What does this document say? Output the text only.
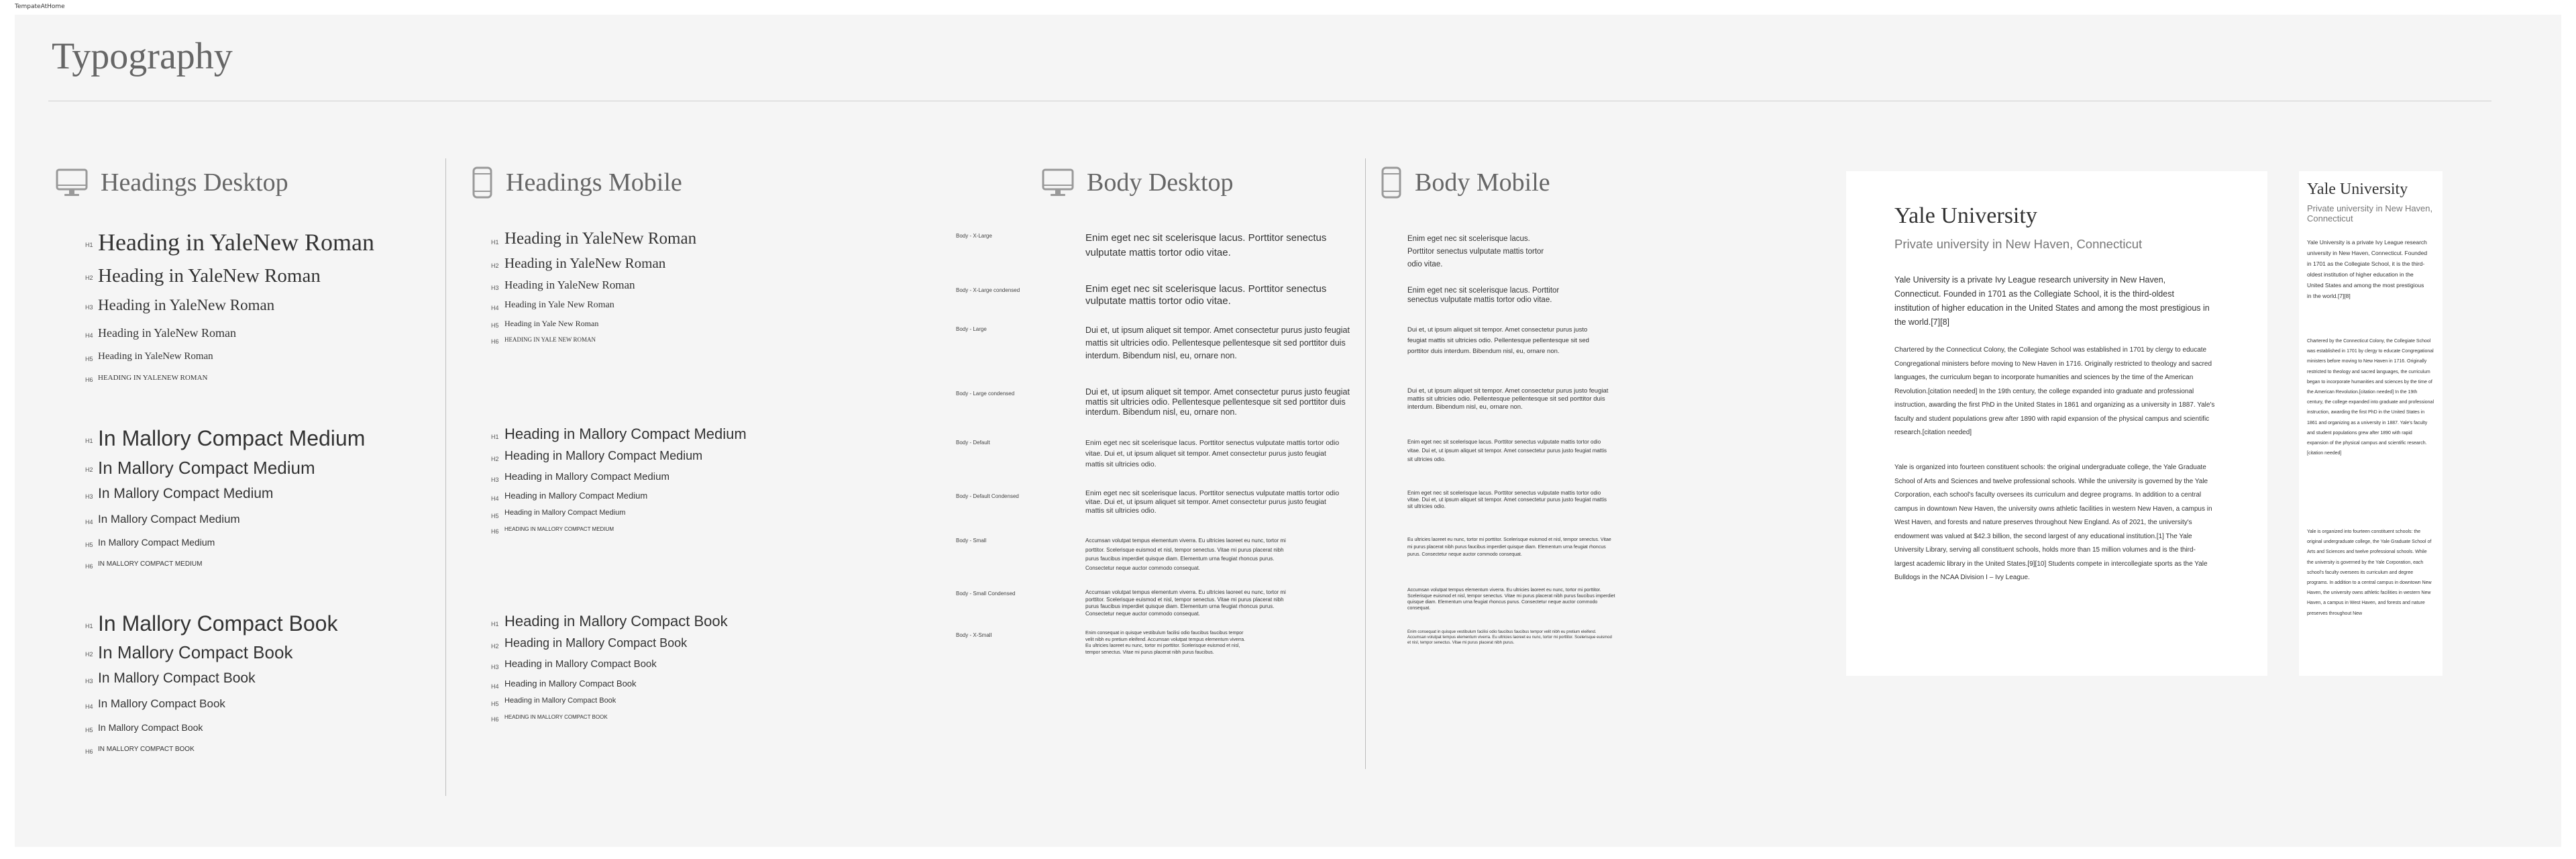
TempateAtHome
Typography
Headings Desktop
H1 Heading in YaleNew Roman
H2 Heading in YaleNew Roman
H3 Heading in YaleNew Roman
H4 Heading in YaleNew Roman
H5 Heading in YaleNew Roman
H6 HEADING IN YALENEW ROMAN
H1 In Mallory Compact Medium
H2 In Mallory Compact Medium
H3 In Mallory Compact Medium
H4 In Mallory Compact Medium
H5 In Mallory Compact Medium
H6 IN MALLORY COMPACT MEDIUM
H1 In Mallory Compact Book
H2 In Mallory Compact Book
H3 In Mallory Compact Book
H4 In Mallory Compact Book
H5 In Mallory Compact Book
H6 IN MALLORY COMPACT BOOK
Headings Mobile
H1 Heading in YaleNew Roman
H2 Heading in YaleNew Roman
H3 Heading in YaleNew Roman
H4 Heading in Yale New Roman
H5 Heading in Yale New Roman
H6 HEADING IN YALE NEW ROMAN
H1 Heading in Mallory Compact Medium
H2 Heading in Mallory Compact Medium
H3 Heading in Mallory Compact Medium
H4 Heading in Mallory Compact Medium
H5 Heading in Mallory Compact Medium
H6 HEADING IN MALLORY COMPACT MEDIUM
H1 Heading in Mallory Compact Book
H2 Heading in Mallory Compact Book
H3 Heading in Mallory Compact Book
H4 Heading in Mallory Compact Book
H5 Heading in Mallory Compact Book
H6 HEADING IN MALLORY COMPACT BOOK
Body Desktop
Body - X-Large	Enim eget nec sit scelerisque lacus. Porttitor senectus vulputate mattis tortor odio vitae.
Body - X-Large condensed	Enim eget nec sit scelerisque lacus. Porttitor senectus vulputate mattis tortor odio vitae.
Body - Large	Dui et, ut ipsum aliquet sit tempor. Amet consectetur purus justo feugiat mattis sit ultricies odio. Pellentesque pellentesque sit sed porttitor duis interdum. Bibendum nisl, eu, ornare non.
Body - Large condensed	Dui et, ut ipsum aliquet sit tempor. Amet consectetur purus justo feugiat mattis sit ultricies odio. Pellentesque pellentesque sit sed porttitor duis interdum. Bibendum nisl, eu, ornare non.
Body - Default	Enim eget nec sit scelerisque lacus. Porttitor senectus vulputate mattis tortor odio vitae. Dui et, ut ipsum aliquet sit tempor. Amet consectetur purus justo feugiat mattis sit ultricies odio.
Body - Default Condensed	Enim eget nec sit scelerisque lacus. Porttitor senectus vulputate mattis tortor odio vitae. Dui et, ut ipsum aliquet sit tempor. Amet consectetur purus justo feugiat mattis sit ultricies odio.
Body - Small	Accumsan volutpat tempus elementum viverra. Eu ultricies laoreet eu nunc, tortor mi porttitor. Scelerisque euismod et nisl, tempor senectus. Vitae mi purus placerat nibh purus faucibus imperdiet quisque diam. Elementum urna feugiat rhoncus purus. Consectetur neque auctor commodo consequat.
Body - Small Condensed	Accumsan volutpat tempus elementum viverra. Eu ultricies laoreet eu nunc, tortor mi porttitor. Scelerisque euismod et nisl, tempor senectus. Vitae mi purus placerat nibh purus faucibus imperdiet quisque diam. Elementum urna feugiat rhoncus purus. Consectetur neque auctor commodo consequat.
Body - X-Small	Enim consequat in quisque vestibulum facilisi odio faucibus faucibus tempor velit nibh eu pretium eleifend. Accumsan volutpat tempus elementum viverra. Eu ultricies laoreet eu nunc, tortor mi porttitor. Scelerisque euismod et nisl, tempor senectus. Vitae mi purus placerat nibh purus faucibus.
Body Mobile
Enim eget nec sit scelerisque lacus. Porttitor senectus vulputate mattis tortor odio vitae.
Enim eget nec sit scelerisque lacus. Porttitor senectus vulputate mattis tortor odio vitae.
Dui et, ut ipsum aliquet sit tempor. Amet consectetur purus justo feugiat mattis sit ultricies odio. Pellentesque pellentesque sit sed porttitor duis interdum. Bibendum nisl, eu, ornare non.
Dui et, ut ipsum aliquet sit tempor. Amet consectetur purus justo feugiat mattis sit ultricies odio. Pellentesque pellentesque sit sed porttitor duis interdum. Bibendum nisl, eu, ornare non.
Enim eget nec sit scelerisque lacus. Porttitor senectus vulputate mattis tortor odio vitae. Dui et, ut ipsum aliquet sit tempor. Amet consectetur purus justo feugiat mattis sit ultricies odio.
Enim eget nec sit scelerisque lacus. Porttitor senectus vulputate mattis tortor odio vitae. Dui et, ut ipsum aliquet sit tempor. Amet consectetur purus justo feugiat mattis sit ultricies odio.
Eu ultricies laoreet eu nunc, tortor mi porttitor. Scelerisque euismod et nisl, tempor senectus. Vitae mi purus placerat nibh purus faucibus imperdiet quisque diam. Elementum urna feugiat rhoncus purus. Consectetur neque auctor commodo consequat.
Accumsan volutpat tempus elementum viverra. Eu ultricies laoreet eu nunc, tortor mi porttitor. Scelerisque euismod et nisl, tempor senectus. Vitae mi purus placerat nibh purus faucibus imperdiet quisque diam. Elementum urna feugiat rhoncus purus. Consectetur neque auctor commodo consequat.
Enim consequat in quisque vestibulum facilisi odio faucibus faucibus tempor velit nibh eu pretium eleifend. Accumsan volutpat tempus elementum viverra. Eu ultricies laoreet eu nunc, tortor mi porttitor. Scelerisque euismod et nisl, tempor senectus. Vitae mi purus placerat nibh purus.
Yale University
Private university in New Haven, Connecticut

Yale University is a private Ivy League research university in New Haven, Connecticut. Founded in 1701 as the Collegiate School, it is the third-oldest institution of higher education in the United States and among the most prestigious in the world.[7][8]

Chartered by the Connecticut Colony, the Collegiate School was established in 1701 by clergy to educate Congregational ministers before moving to New Haven in 1716. Originally restricted to theology and sacred languages, the curriculum began to incorporate humanities and sciences by the time of the American Revolution.[citation needed] In the 19th century, the college expanded into graduate and professional instruction, awarding the first PhD in the United States in 1861 and organizing as a university in 1887. Yale's faculty and student populations grew after 1890 with rapid expansion of the physical campus and scientific research.[citation needed]

Yale is organized into fourteen constituent schools: the original undergraduate college, the Yale Graduate School of Arts and Sciences and twelve professional schools. While the university is governed by the Yale Corporation, each school's faculty oversees its curriculum and degree programs. In addition to a central campus in downtown New Haven, the university owns athletic facilities in western New Haven, a campus in West Haven, and forests and nature preserves throughout New England. As of 2021, the university's endowment was valued at $42.3 billion, the second largest of any educational institution.[1] The Yale University Library, serving all constituent schools, holds more than 15 million volumes and is the third-largest academic library in the United States.[9][10] Students compete in intercollegiate sports as the Yale Bulldogs in the NCAA Division I – Ivy League.

Yale University
Private university in New Haven, Connecticut

Yale University is a private Ivy League research university in New Haven, Connecticut. Founded in 1701 as the Collegiate School, it is the third-oldest institution of higher education in the United States and among the most prestigious in the world.[7][8]

Chartered by the Connecticut Colony, the Collegiate School was established in 1701 by clergy to educate Congregational ministers before moving to New Haven in 1716. Originally restricted to theology and sacred languages, the curriculum began to incorporate humanities and sciences by the time of the American Revolution.[citation needed] In the 19th century, the college expanded into graduate and professional instruction, awarding the first PhD in the United States in 1861 and organizing as a university in 1887. Yale's faculty and student populations grew after 1890 with rapid expansion of the physical campus and scientific research.[citation needed]

Yale is organized into fourteen constituent schools: the original undergraduate college, the Yale Graduate School of Arts and Sciences and twelve professional schools. While the university is governed by the Yale Corporation, each school's faculty oversees its curriculum and degree programs. In addition to a central campus in downtown New Haven, the university owns athletic facilities in western New Haven, a campus in West Haven, and forests and nature preserves throughout New
